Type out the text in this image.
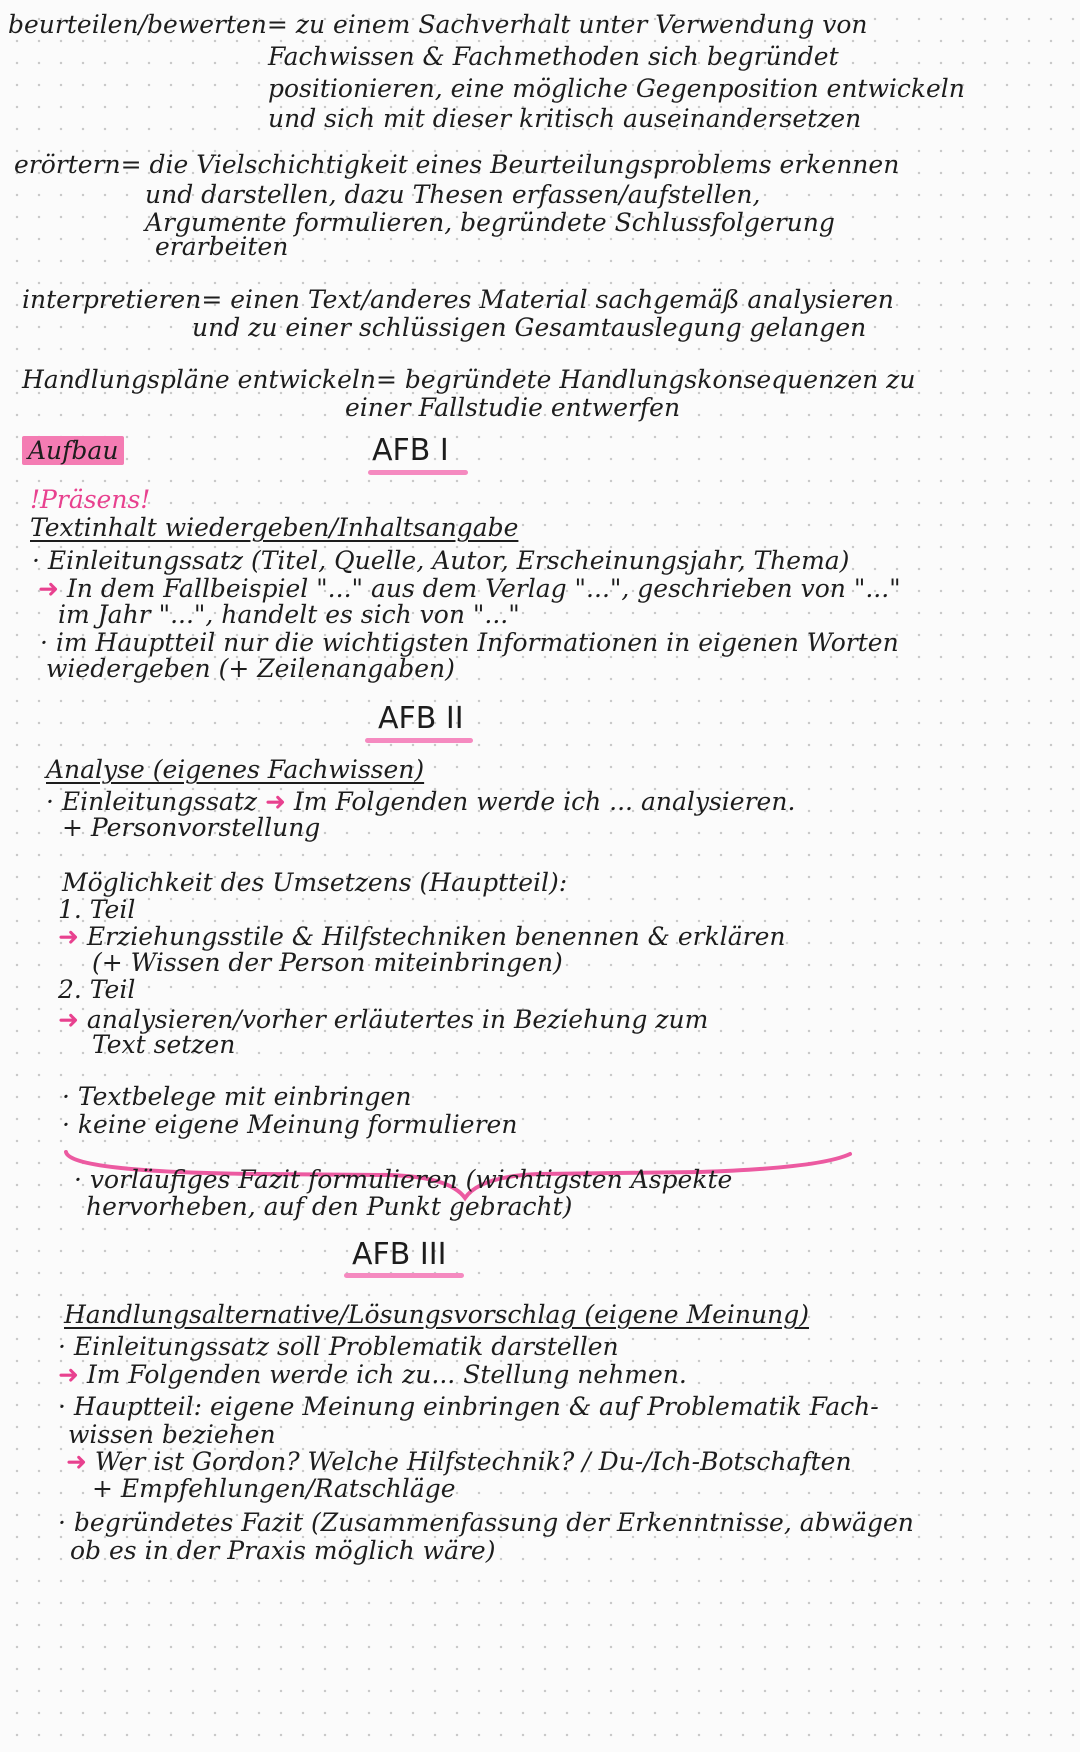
beurteilen/bewerten= zu einem Sachverhalt unter Verwendung von
Fachwissen & Fachmethoden sich begründet
positionieren, eine mögliche Gegenposition entwickeln
und sich mit dieser kritisch auseinandersetzen
erörtern= die Vielschichtigkeit eines Beurteilungsproblems erkennen
und darstellen, dazu Thesen erfassen/aufstellen,
Argumente formulieren, begründete Schlussfolgerung
erarbeiten
interpretieren= einen Text/anderes Material sachgemäß analysieren
und zu einer schlüssigen Gesamtauslegung gelangen
Handlungspläne entwickeln= begründete Handlungskonsequenzen zu
einer Fallstudie entwerfen
Aufbau	AFB I
!Präsens!
Textinhalt wiedergeben/Inhaltsangabe
· Einleitungssatz (Titel, Quelle, Autor, Erscheinungsjahr, Thema)
➜ In dem Fallbeispiel "..." aus dem Verlag "...", geschrieben von "..."
im Jahr "...", handelt es sich von "..."
· im Hauptteil nur die wichtigsten Informationen in eigenen Worten
wiedergeben (+ Zeilenangaben)
AFB II
Analyse (eigenes Fachwissen)
· Einleitungssatz ➜ Im Folgenden werde ich ... analysieren.
+ Personvorstellung
Möglichkeit des Umsetzens (Hauptteil):
1. Teil
➜ Erziehungsstile & Hilfstechniken benennen & erklären
(+ Wissen der Person miteinbringen)
2. Teil
➜ analysieren/vorher erläutertes in Beziehung zum
Text setzen
· Textbelege mit einbringen
· keine eigene Meinung formulieren
· vorläufiges Fazit formulieren (wichtigsten Aspekte
hervorheben, auf den Punkt gebracht)
AFB III
Handlungsalternative/Lösungsvorschlag (eigene Meinung)
· Einleitungssatz soll Problematik darstellen
➜ Im Folgenden werde ich zu... Stellung nehmen.
· Hauptteil: eigene Meinung einbringen & auf Problematik Fach-
wissen beziehen
➜ Wer ist Gordon? Welche Hilfstechnik? / Du-/Ich-Botschaften
+ Empfehlungen/Ratschläge
· begründetes Fazit (Zusammenfassung der Erkenntnisse, abwägen
ob es in der Praxis möglich wäre)
